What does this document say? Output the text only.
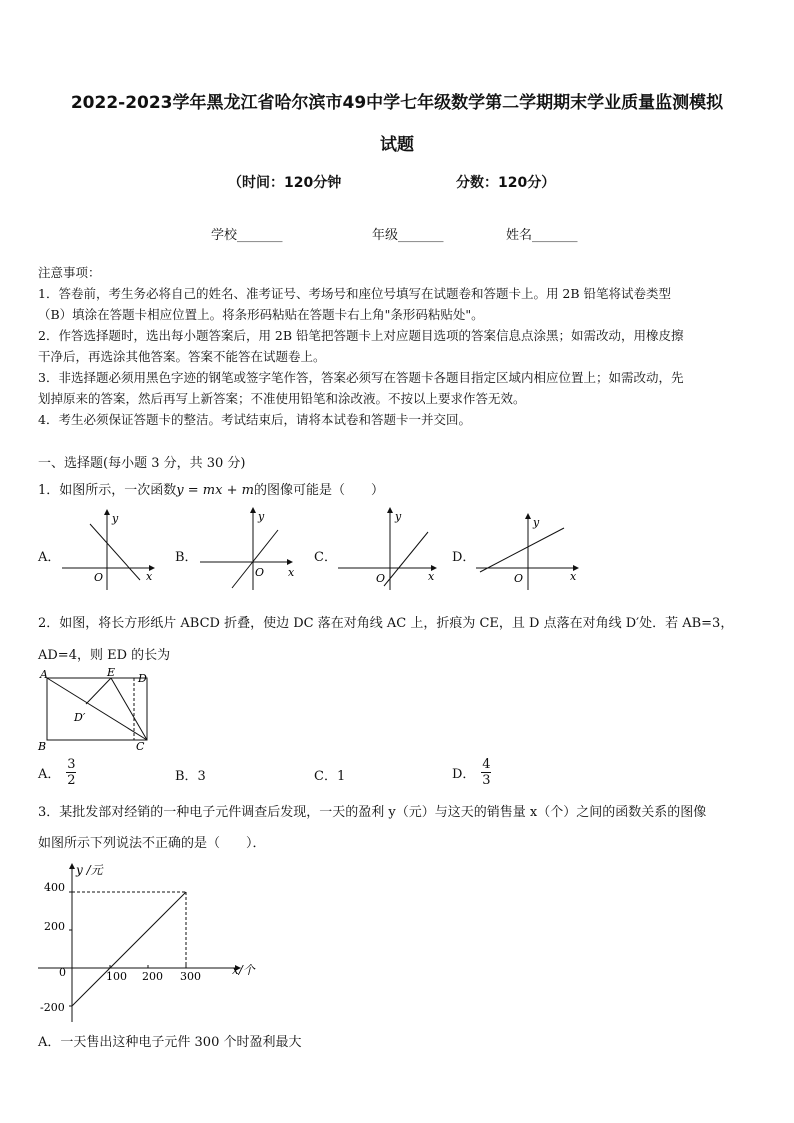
2022-2023学年黑龙江省哈尔滨市49中学七年级数学第二学期期末学业质量监测模拟
试题
（时间：120分钟	分数：120分）
学校_______	年级_______	姓名_______
注意事项：
1．答卷前，考生务必将自己的姓名、准考证号、考场号和座位号填写在试题卷和答题卡上。用 2B 铅笔将试卷类型
（B）填涂在答题卡相应位置上。将条形码粘贴在答题卡右上角"条形码粘贴处"。
2．作答选择题时，选出每小题答案后，用 2B 铅笔把答题卡上对应题目选项的答案信息点涂黑；如需改动，用橡皮擦
干净后，再选涂其他答案。答案不能答在试题卷上。
3．非选择题必须用黑色字迹的钢笔或签字笔作答，答案必须写在答题卡各题目指定区域内相应位置上；如需改动，先
划掉原来的答案，然后再写上新答案；不准使用铅笔和涂改液。不按以上要求作答无效。
4．考生必须保证答题卡的整洁。考试结束后，请将本试卷和答题卡一并交回。
一、选择题(每小题 3 分，共 30 分)
1．如图所示，一次函数y = mx + m的图像可能是（　　）
A．	B．	C．	D．
y
x
O
y
x
O
y
x
O
y
x
O
2．如图，将长方形纸片 ABCD 折叠，使边 DC 落在对角线 AC 上，折痕为 CE，且 D 点落在对角线 D′处．若 AB=3，
AD=4，则 ED 的长为
A	E D
D′
B	C
A． $\frac{3}{2}$	B．3	C．1	D． $\frac{4}{3}$
3．某批发部对经销的一种电子元件调查后发现，一天的盈利 y（元）与这天的销售量 x（个）之间的函数关系的图像
如图所示下列说法不正确的是（　　）．
y /元
x/个
400
200
0
-200
100 200 300
A．一天售出这种电子元件 300 个时盈利最大
